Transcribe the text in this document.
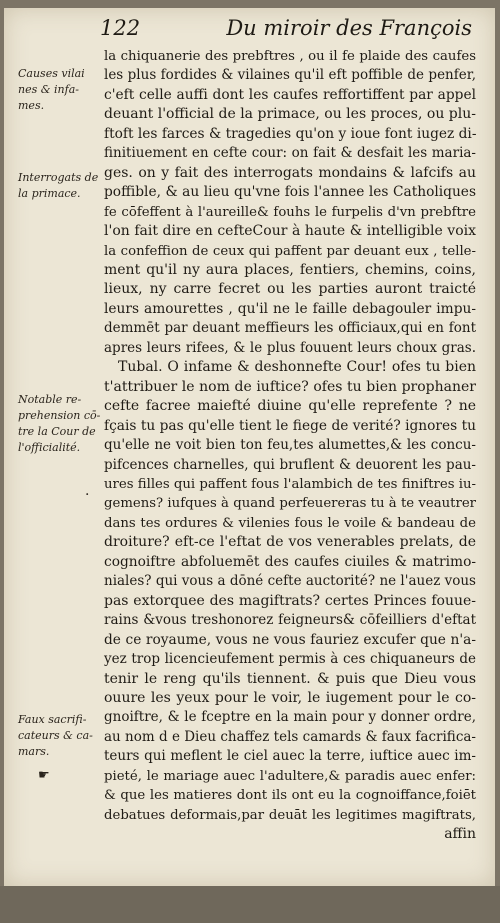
122	Du miroir des François
Causes vilai
nes & infa-
mes.
Interrogats de
la primace.
Notable re-
prehension cō-
tre la Cour de
l'officialité.
Faux sacrifi-
cateurs & ca-
mars.
☛
·
la chiquanerie des prebftres , ou il fe plaide des caufes
les plus fordides & vilaines qu'il eft poffible de penfer,
c'eft celle auffi dont les caufes reffortiffent par appel
deuant l'official de la primace, ou les proces, ou plu-
ftoft les farces & tragedies qu'on y ioue font iugez di-
finitiuement en cefte cour: on fait & desfait les maria-
ges. on y fait des interrogats mondains & lafcifs au
poffible, & au lieu qu'vne fois l'annee les Catholiques
fe cōfeffent à l'aureille& fouhs le furpelis d'vn prebftre
l'on fait dire en cefteCour à haute & intelligible voix
la confeffion de ceux qui paffent par deuant eux , telle-
ment qu'il ny aura places, fentiers, chemins, coins,
lieux, ny carre fecret ou les parties auront traicté
leurs amourettes , qu'il ne le faille debagouler impu-
demmēt par deuant meffieurs les officiaux,qui en font
apres leurs rifees, & le plus fouuent leurs choux gras.
Tubal. O infame & deshonnefte Cour! ofes tu bien
t'attribuer le nom de iuftice? ofes tu bien prophaner
cefte facree maiefté diuine qu'elle reprefente ? ne
fçais tu pas qu'elle tient le fiege de verité? ignores tu
qu'elle ne voit bien ton feu,tes alumettes,& les concu-
pifcences charnelles, qui bruflent & deuorent les pau-
ures filles qui paffent fous l'alambich de tes finiftres iu-
gemens? iufques à quand perfeuereras tu à te veautrer
dans tes ordures & vilenies fous le voile & bandeau de
droiture? eft-ce l'eftat de vos venerables prelats, de
cognoiftre abfoluemēt des caufes ciuiles & matrimo-
niales? qui vous a dōné cefte auctorité? ne l'auez vous
pas extorquee des magiftrats? certes Princes fouue-
rains &vous treshonorez feigneurs& cōfeilliers d'eftat
de ce royaume, vous ne vous fauriez excufer que n'a-
yez trop licencieufement permis à ces chiquaneurs de
tenir le reng qu'ils tiennent. & puis que Dieu vous
ouure les yeux pour le voir, le iugement pour le co-
gnoiftre, & le fceptre en la main pour y donner ordre,
au nom d e Dieu chaffez tels camards & faux facrifica-
teurs qui meflent le ciel auec la terre, iuftice auec im-
pieté, le mariage auec l'adultere,& paradis auec enfer:
& que les matieres dont ils ont eu la cognoiffance,foiēt
debatues deformais,par deuāt les legitimes magiftrats,
affin
